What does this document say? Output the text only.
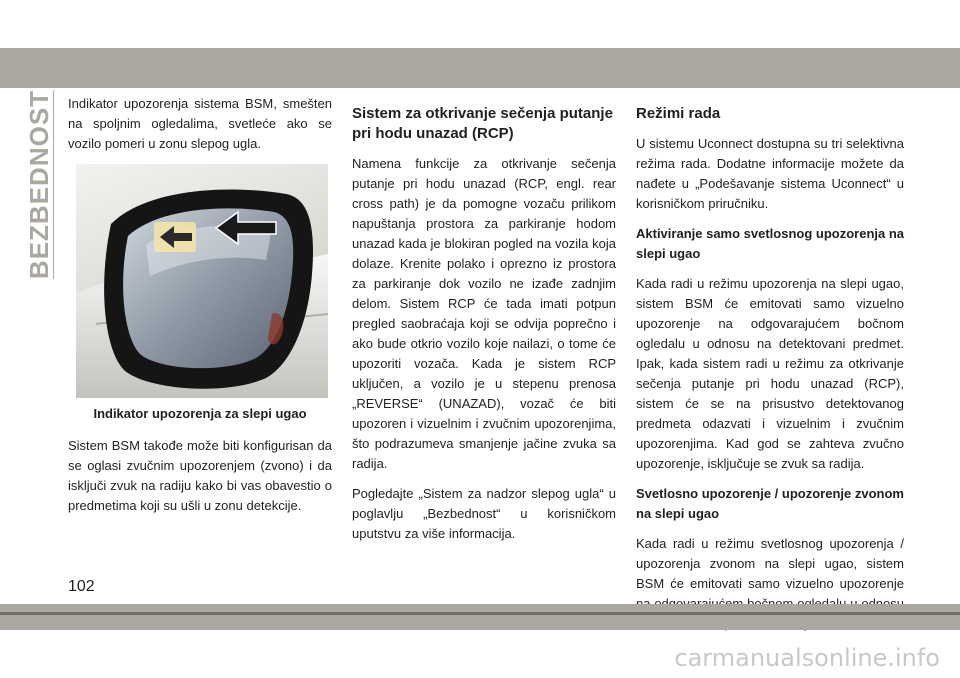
BEZBEDNOST Indikator upozorenja sistema BSM, smešten na spoljnim ogledalima, svetleće ako se vozilo pomeri u zonu slepog ugla.

Indikator upozorenja za slepi ugao

Sistem BSM takođe može biti konfigurisan da se oglasi zvučnim upozorenjem (zvono) i da isključi zvuk na radiju kako bi vas obavestio o predmetima koji su ušli u zonu detekcije.

Sistem za otkrivanje sečenja putanje pri hodu unazad (RCP)

Namena funkcije za otkrivanje sečenja putanje pri hodu unazad (RCP, engl. rear cross path) je da pomogne vozaču prilikom napuštanja prostora za parkiranje hodom unazad kada je blokiran pogled na vozila koja dolaze. Krenite polako i oprezno iz prostora za parkiranje dok vozilo ne izađe zadnjim delom. Sistem RCP će tada imati potpun pregled saobraćaja koji se odvija poprečno i ako bude otkrio vozilo koje nailazi, o tome će upozoriti vozača. Kada je sistem RCP uključen, a vozilo je u stepenu prenosa „REVERSE“ (UNAZAD), vozač će biti upozoren i vizuelnim i zvučnim upozorenjima, što podrazumeva smanjenje jačine zvuka sa radija.

Pogledajte „Sistem za nadzor slepog ugla“ u poglavlju „Bezbednost“ u korisničkom uputstvu za više informacija.

Režimi rada

U sistemu Uconnect dostupna su tri selektivna režima rada. Dodatne informacije možete da nađete u „Podešavanje sistema Uconnect“ u korisničkom priručniku.

Aktiviranje samo svetlosnog upozorenja na slepi ugao

Kada radi u režimu upozorenja na slepi ugao, sistem BSM će emitovati samo vizuelno upozorenje na odgovarajućem bočnom ogledalu u odnosu na detektovani predmet. Ipak, kada sistem radi u režimu za otkrivanje sečenja putanje pri hodu unazad (RCP), sistem će se na prisustvo detektovanog predmeta odazvati i vizuelnim i zvučnim upozorenjima. Kad god se zahteva zvučno upozorenje, isključuje se zvuk sa radija.

Svetlosno upozorenje / upozorenje zvonom na slepi ugao

Kada radi u režimu svetlosnog upozorenja / upozorenja zvonom na slepi ugao, sistem BSM će emitovati samo vizuelno upozorenje

102
carmanualsonline.info
